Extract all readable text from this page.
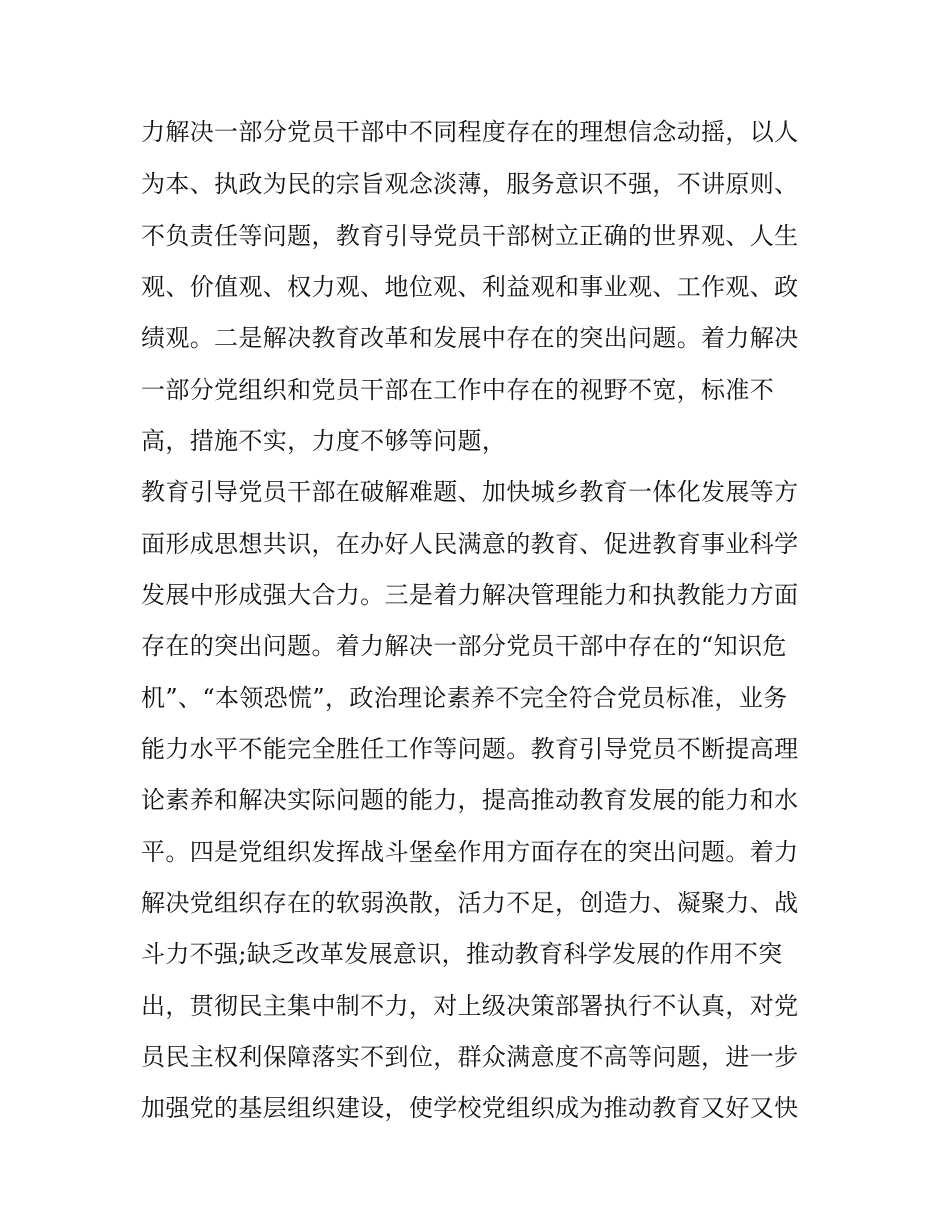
力解决一部分党员干部中不同程度存在的理想信念动摇，以人
为本、执政为民的宗旨观念淡薄，服务意识不强，不讲原则、
不负责任等问题，教育引导党员干部树立正确的世界观、人生
观、价值观、权力观、地位观、利益观和事业观、工作观、政
绩观。二是解决教育改革和发展中存在的突出问题。着力解决
一部分党组织和党员干部在工作中存在的视野不宽，标准不
高，措施不实，力度不够等问题，
教育引导党员干部在破解难题、加快城乡教育一体化发展等方
面形成思想共识，在办好人民满意的教育、促进教育事业科学
发展中形成强大合力。三是着力解决管理能力和执教能力方面
存在的突出问题。着力解决一部分党员干部中存在的“知识危
机”、“本领恐慌”，政治理论素养不完全符合党员标准，业务
能力水平不能完全胜任工作等问题。教育引导党员不断提高理
论素养和解决实际问题的能力，提高推动教育发展的能力和水
平。四是党组织发挥战斗堡垒作用方面存在的突出问题。着力
解决党组织存在的软弱涣散，活力不足，创造力、凝聚力、战
斗力不强;缺乏改革发展意识，推动教育科学发展的作用不突
出，贯彻民主集中制不力，对上级决策部署执行不认真，对党
员民主权利保障落实不到位，群众满意度不高等问题，进一步
加强党的基层组织建设，使学校党组织成为推动教育又好又快
